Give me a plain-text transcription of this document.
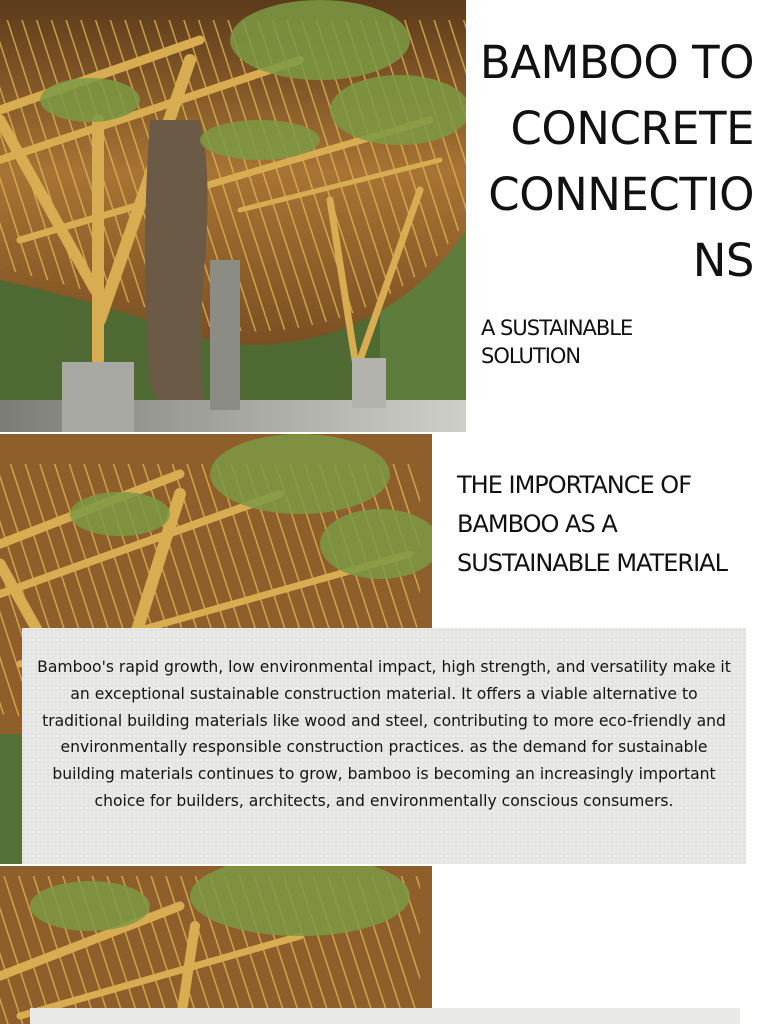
BAMBOO TO
CONCRETE
CONNECTIO
NS
A SUSTAINABLE SOLUTION
THE IMPORTANCE OF BAMBOO AS A SUSTAINABLE MATERIAL

Bamboo's rapid growth, low environmental impact, high strength, and versatility make it an exceptional sustainable construction material. It offers a viable alternative to traditional building materials like wood and steel, contributing to more eco-friendly and environmentally responsible construction practices. as the demand for sustainable building materials continues to grow, bamboo is becoming an increasingly important choice for builders, architects, and environmentally conscious consumers.
